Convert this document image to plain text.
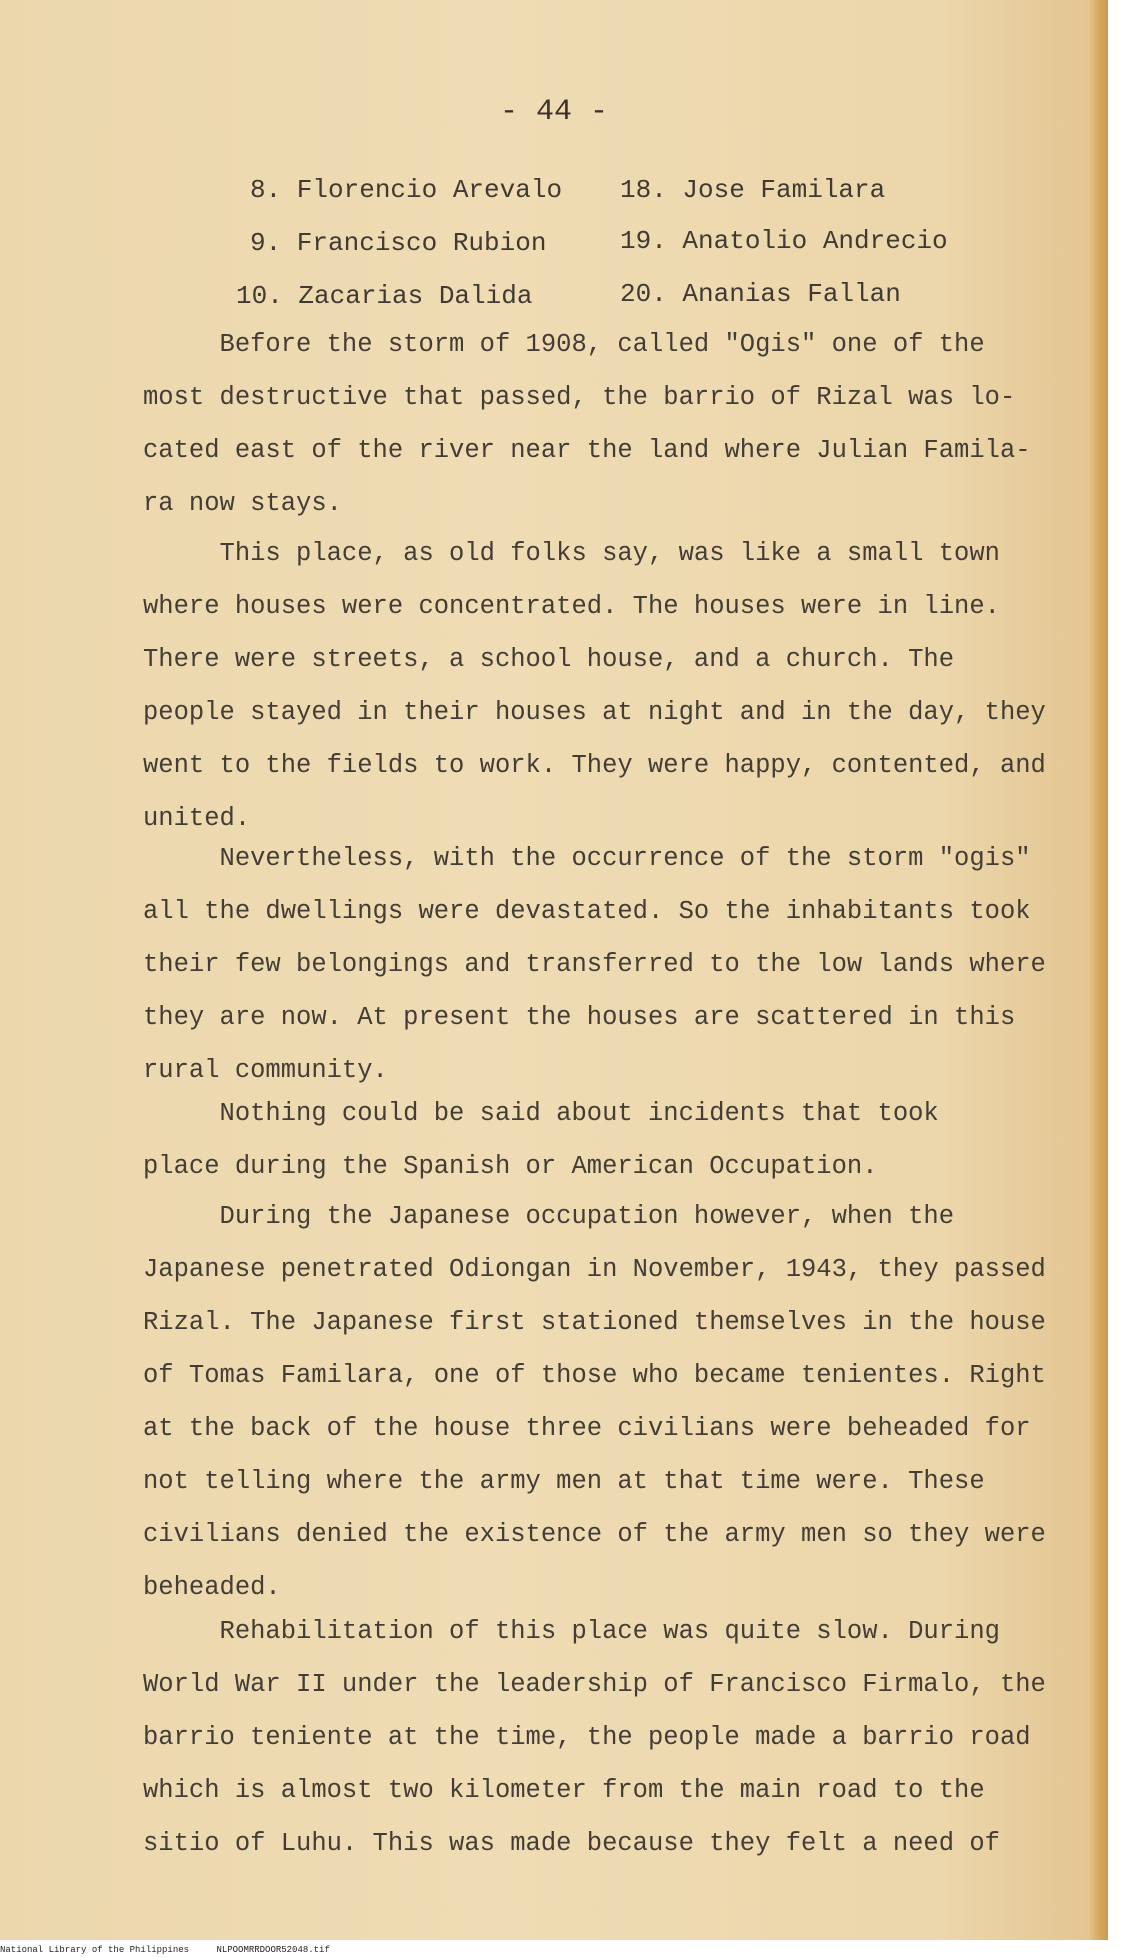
- 44 -
8. Florencio Arevalo 18. Jose Familara
9. Francisco Rubion	19. Anatolio Andrecio
10. Zacarias Dalida	20. Ananias Fallan
Before the storm of 1908, called "Ogis" one of the
most destructive that passed, the barrio of Rizal was lo-
cated east of the river near the land where Julian Famila-
ra now stays.
This place, as old folks say, was like a small town
where houses were concentrated. The houses were in line.
There were streets, a school house, and a church. The
people stayed in their houses at night and in the day, they
went to the fields to work. They were happy, contented, and
united.
Nevertheless, with the occurrence of the storm "ogis"
all the dwellings were devastated. So the inhabitants took
their few belongings and transferred to the low lands where
they are now. At present the houses are scattered in this
rural community.
Nothing could be said about incidents that took
place during the Spanish or American Occupation.
During the Japanese occupation however, when the
Japanese penetrated Odiongan in November, 1943, they passed
Rizal. The Japanese first stationed themselves in the house
of Tomas Familara, one of those who became tenientes. Right
at the back of the house three civilians were beheaded for
not telling where the army men at that time were. These
civilians denied the existence of the army men so they were
beheaded.
Rehabilitation of this place was quite slow. During
World War II under the leadership of Francisco Firmalo, the
barrio teniente at the time, the people made a barrio road
which is almost two kilometer from the main road to the
sitio of Luhu. This was made because they felt a need of
National Library of the Philippines	NLPOOMRRDOOR52048.tif
